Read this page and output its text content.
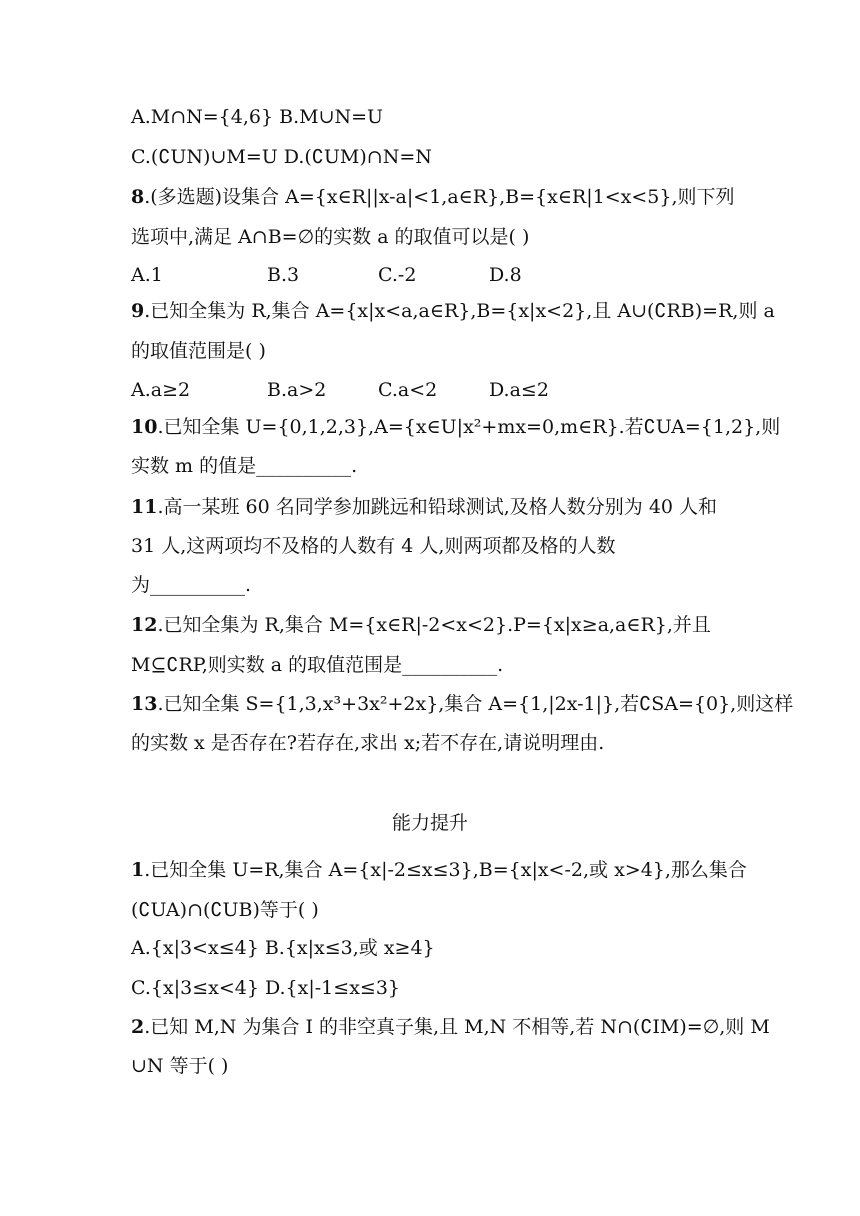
A.M∩N={4,6} B.M∪N=U
C.(∁UN)∪M=U D.(∁UM)∩N=N
8.(多选题)设集合 A={x∈R||x-a|<1,a∈R},B={x∈R|1<x<5},则下列
选项中,满足 A∩B=∅的实数 a 的取值可以是( )
A.1	B.3	C.-2	D.8
9.已知全集为 R,集合 A={x|x<a,a∈R},B={x|x<2},且 A∪(∁RB)=R,则 a
的取值范围是( )
A.a≥2	B.a>2	C.a<2	D.a≤2
10.已知全集 U={0,1,2,3},A={x∈U|x²+mx=0,m∈R}.若∁UA={1,2},则
实数 m 的值是__________.
11.高一某班 60 名同学参加跳远和铅球测试,及格人数分别为 40 人和
31 人,这两项均不及格的人数有 4 人,则两项都及格的人数
为__________.
12.已知全集为 R,集合 M={x∈R|-2<x<2}.P={x|x≥a,a∈R},并且
M⊆∁RP,则实数 a 的取值范围是__________.
13.已知全集 S={1,3,x³+3x²+2x},集合 A={1,|2x-1|},若∁SA={0},则这样
的实数 x 是否存在?若存在,求出 x;若不存在,请说明理由.
能力提升
1.已知全集 U=R,集合 A={x|-2≤x≤3},B={x|x<-2,或 x>4},那么集合
(∁UA)∩(∁UB)等于( )
A.{x|3<x≤4} B.{x|x≤3,或 x≥4}
C.{x|3≤x<4} D.{x|-1≤x≤3}
2.已知 M,N 为集合 I 的非空真子集,且 M,N 不相等,若 N∩(∁IM)=∅,则 M
∪N 等于( )
